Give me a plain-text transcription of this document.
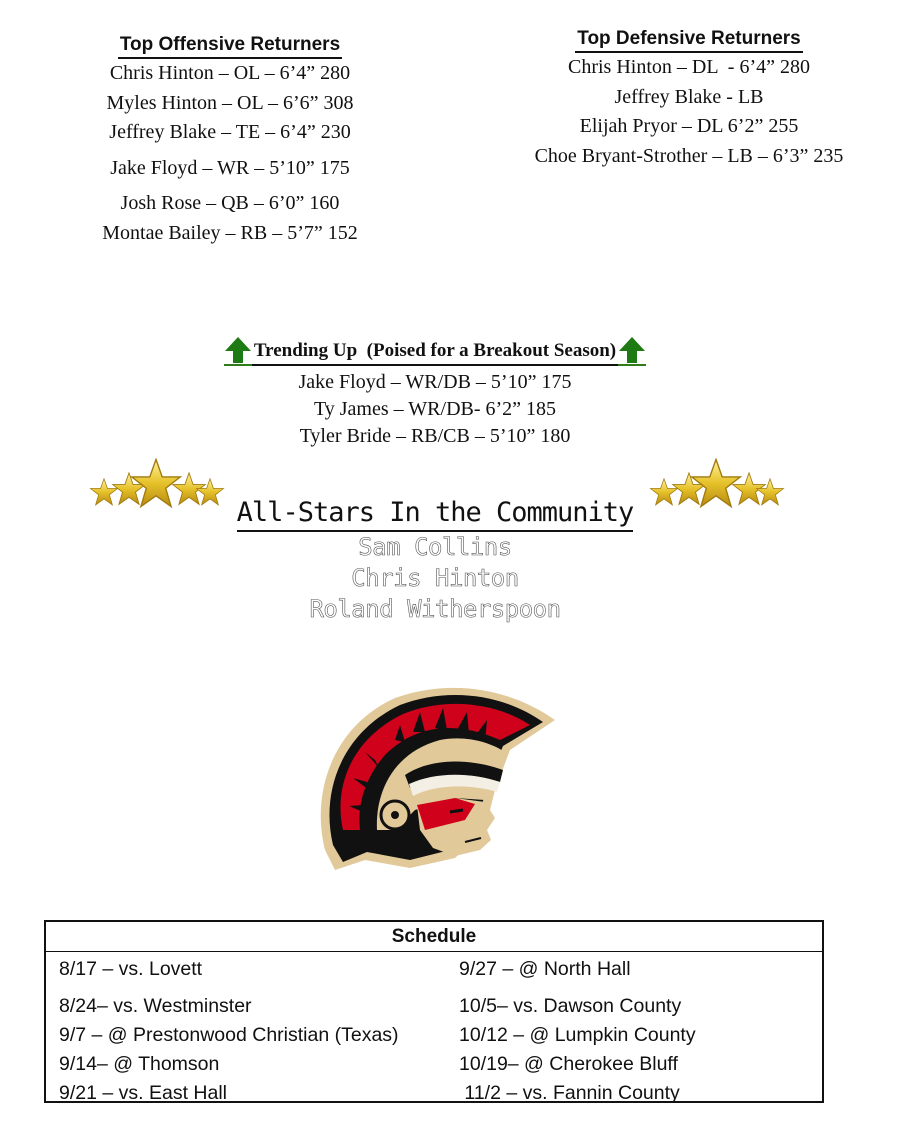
Top Offensive Returners
Chris Hinton – OL – 6’4” 280
Myles Hinton – OL – 6’6” 308
Jeffrey Blake – TE – 6’4” 230
Jake Floyd – WR – 5’10” 175
Josh Rose – QB – 6’0” 160
Montae Bailey – RB – 5’7” 152
Top Defensive Returners
Chris Hinton – DL  - 6’4” 280
Jeffrey Blake - LB
Elijah Pryor – DL 6’2” 255
Choe Bryant-Strother – LB – 6’3” 235
Trending Up  (Poised for a Breakout Season)
Jake Floyd – WR/DB – 5’10” 175
Ty James – WR/DB- 6’2” 185
Tyler Bride – RB/CB – 5’10” 180
All-Stars In the Community
Sam Collins
Chris Hinton
Roland Witherspoon
Schedule
8/17 – vs. Lovett
8/24– vs. Westminster
9/7 – @ Prestonwood Christian (Texas)
9/14– @ Thomson
9/21 – vs. East Hall
9/27 – @ North Hall
10/5– vs. Dawson County
10/12 – @ Lumpkin County
10/19– @ Cherokee Bluff
11/2 – vs. Fannin County
